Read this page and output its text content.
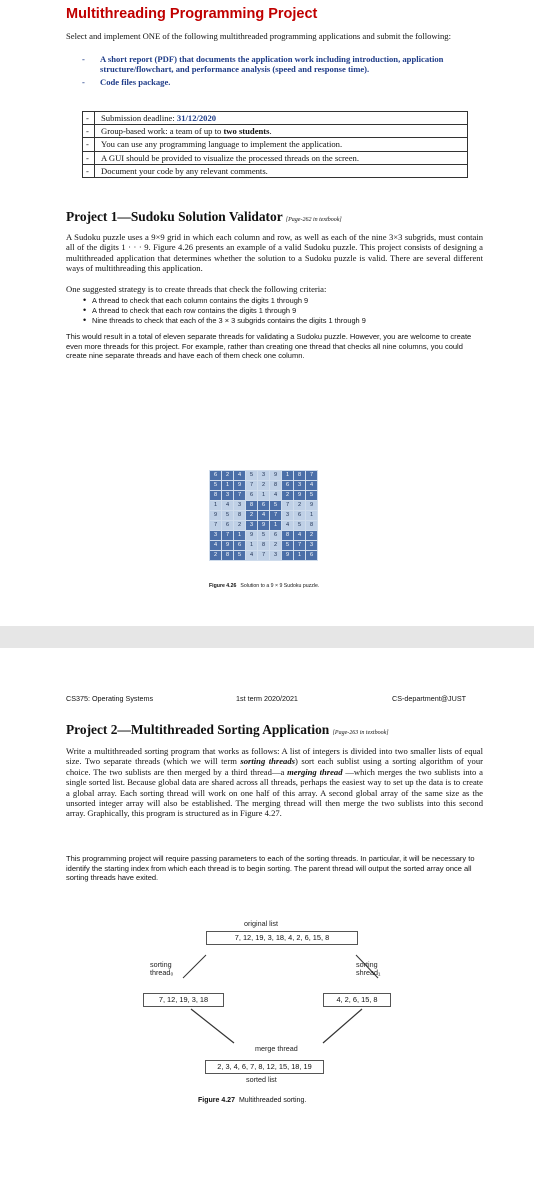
Multithreading Programming Project
Select and implement ONE of the following multithreaded programming applications and submit the following:
- A short report (PDF) that documents the application work including introduction, application structure/flowchart, and performance analysis (speed and response time).
- Code files package.
- Submission deadline: 31/12/2020
- Group-based work: a team of up to two students.
- You can use any programming language to implement the application.
- A GUI should be provided to visualize the processed threads on the screen.
- Document your code by any relevant comments.
Project 1—Sudoku Solution Validator [Page-262 in textbook]
A Sudoku puzzle uses a 9×9 grid in which each column and row, as well as each of the nine 3×3 subgrids, must contain all of the digits 1 · · · 9. Figure 4.26 presents an example of a valid Sudoku puzzle. This project consists of designing a multithreaded application that determines whether the solution to a Sudoku puzzle is valid. There are several different ways of multithreading this application.
One suggested strategy is to create threads that check the following criteria:
• A thread to check that each column contains the digits 1 through 9
• A thread to check that each row contains the digits 1 through 9
• Nine threads to check that each of the 3 × 3 subgrids contains the digits 1 through 9
This would result in a total of eleven separate threads for validating a Sudoku puzzle. However, you are welcome to create even more threads for this project. For example, rather than creating one thread that checks all nine columns, you could create nine separate threads and have each of them check one column.
6	2	4	5	3	9	1	8	7
5	1	9	7	2	8	6	3	4
8	3	7	6	1	4	2	9	5
1	4	3	8	6	5	7	2	9
9	5	8	2	4	7	3	6	1
7	6	2	3	9	1	4	5	8
3	7	1	9	5	6	8	4	2
4	9	6	1	8	2	5	7	3
2	8	5	4	7	3	9	1	6
Figure 4.26 Solution to a 9 × 9 Sudoku puzzle.
CS375: Operating Systems	1st term 2020/2021	CS-department@JUST
Project 2—Multithreaded Sorting Application [Page-263 in textbook]
Write a multithreaded sorting program that works as follows: A list of integers is divided into two smaller lists of equal size. Two separate threads (which we will term sorting threads) sort each sublist using a sorting algorithm of your choice. The two sublists are then merged by a third thread—a merging thread —which merges the two sublists into a single sorted list. Because global data are shared across all threads, perhaps the easiest way to set up the data is to create a global array. Each sorting thread will work on one half of this array. A second global array of the same size as the unsorted integer array will also be established. The merging thread will then merge the two sublists into this second array. Graphically, this program is structured as in Figure 4.27.
This programming project will require passing parameters to each of the sorting threads. In particular, it will be necessary to identify the starting index from which each thread is to begin sorting. The parent thread will output the sorted array once all sorting threads have exited.
original list
7, 12, 19, 3, 18, 4, 2, 6, 15, 8
sorting
thread₀
sorting
shread₁
7, 12, 19, 3, 18	4, 2, 6, 15, 8
merge thread
2, 3, 4, 6, 7, 8, 12, 15, 18, 19
sorted list
Figure 4.27 Multithreaded sorting.
